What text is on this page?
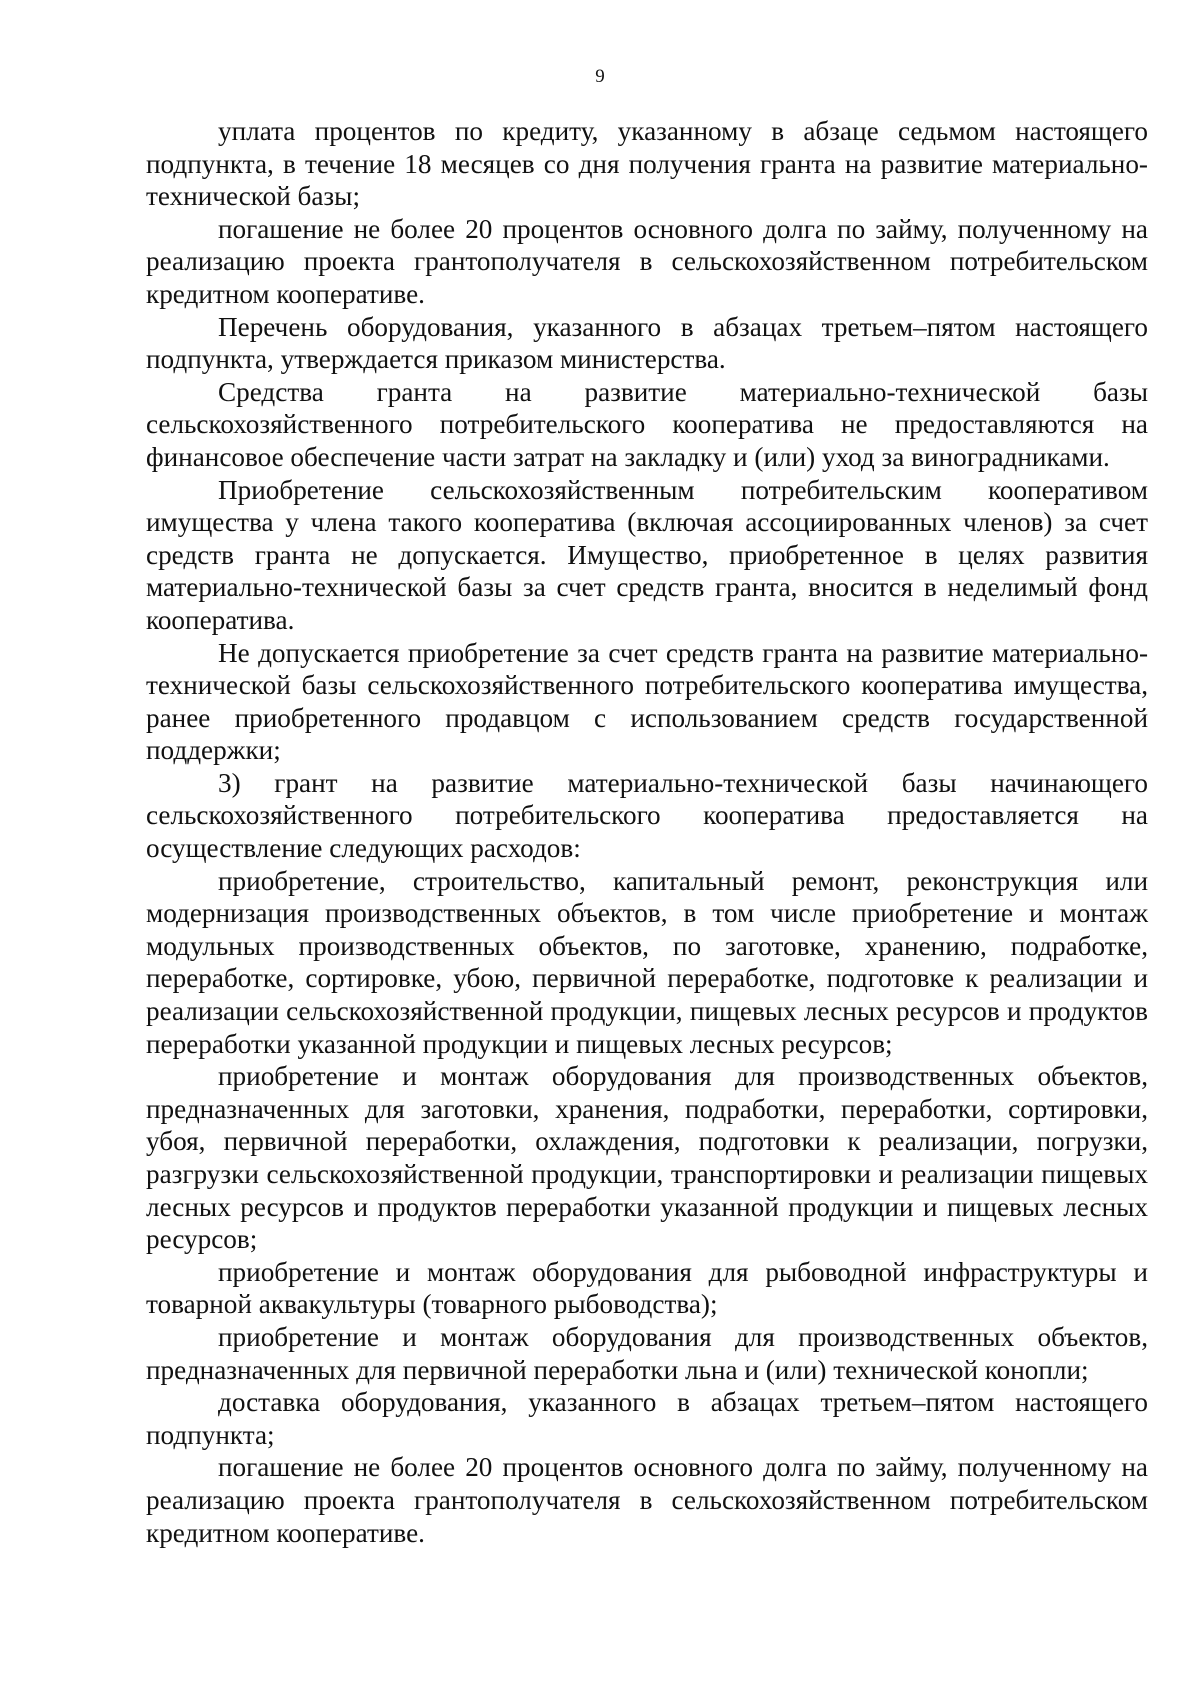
9

уплата процентов по кредиту, указанному в абзаце седьмом настоящего подпункта, в течение 18 месяцев со дня получения гранта на развитие материально-технической базы;

погашение не более 20 процентов основного долга по займу, полученному на реализацию проекта грантополучателя в сельскохозяйственном потребительском кредитном кооперативе.

Перечень оборудования, указанного в абзацах третьем–пятом настоящего подпункта, утверждается приказом министерства.

Средства гранта на развитие материально-технической базы сельскохозяйственного потребительского кооператива не предоставляются на финансовое обеспечение части затрат на закладку и (или) уход за виноградниками.

Приобретение сельскохозяйственным потребительским кооперативом имущества у члена такого кооператива (включая ассоциированных членов) за счет средств гранта не допускается. Имущество, приобретенное в целях развития материально-технической базы за счет средств гранта, вносится в неделимый фонд кооператива.

Не допускается приобретение за счет средств гранта на развитие материально-технической базы сельскохозяйственного потребительского кооператива имущества, ранее приобретенного продавцом с использованием средств государственной поддержки;

3) грант на развитие материально-технической базы начинающего сельскохозяйственного потребительского кооператива предоставляется на осуществление следующих расходов:

приобретение, строительство, капитальный ремонт, реконструкция или модернизация производственных объектов, в том числе приобретение и монтаж модульных производственных объектов, по заготовке, хранению, подработке, переработке, сортировке, убою, первичной переработке, подготовке к реализации и реализации сельскохозяйственной продукции, пищевых лесных ресурсов и продуктов переработки указанной продукции и пищевых лесных ресурсов;

приобретение и монтаж оборудования для производственных объектов, предназначенных для заготовки, хранения, подработки, переработки, сортировки, убоя, первичной переработки, охлаждения, подготовки к реализации, погрузки, разгрузки сельскохозяйственной продукции, транспортировки и реализации пищевых лесных ресурсов и продуктов переработки указанной продукции и пищевых лесных ресурсов;

приобретение и монтаж оборудования для рыбоводной инфраструктуры и товарной аквакультуры (товарного рыбоводства);

приобретение и монтаж оборудования для производственных объектов, предназначенных для первичной переработки льна и (или) технической конопли;

доставка оборудования, указанного в абзацах третьем–пятом настоящего подпункта;

погашение не более 20 процентов основного долга по займу, полученному на реализацию проекта грантополучателя в сельскохозяйственном потребительском кредитном кооперативе.
